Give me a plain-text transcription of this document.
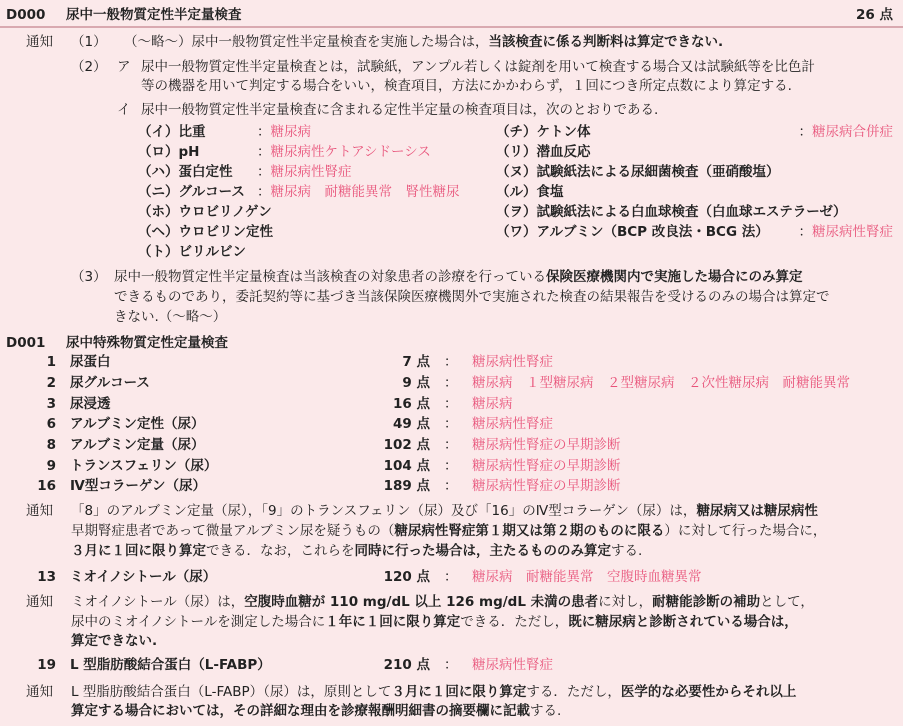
D000 尿中一般物質定性半定量検査	26 点
通知 （1） （〜略〜）尿中一般物質定性半定量検査を実施した場合は，当該検査に係る判断料は算定できない.
（2） ア 尿中一般物質定性半定量検査とは，試験紙，アンプル若しくは錠剤を用いて検査する場合又は試験紙等を比色計
等の機器を用いて判定する場合をいい，検査項目，方法にかかわらず，１回につき所定点数により算定する.
イ 尿中一般物質定性半定量検査に含まれる定性半定量の検査項目は，次のとおりである.
（イ）比重	：糖尿病
（ロ）pH	：糖尿病性ケトアシドーシス
（ハ）蛋白定性 ：糖尿病性腎症
（ニ）グルコース ：糖尿病　耐糖能異常　腎性糖尿
（ホ）ウロビリノゲン
（ヘ）ウロビリン定性
（ト）ビリルビン
（チ）ケトン体	：糖尿病合併症
（リ）潜血反応
（ヌ）試験紙法による尿細菌検査（亜硝酸塩）
（ル）食塩
（ヲ）試験紙法による白血球検査（白血球エステラーゼ）
（ワ）アルブミン（BCP 改良法・BCG 法） ：糖尿病性腎症
（3） 尿中一般物質定性半定量検査は当該検査の対象患者の診療を行っている保険医療機関内で実施した場合にのみ算定
できるものであり，委託契約等に基づき当該保険医療機関外で実施された検査の結果報告を受けるのみの場合は算定で
きない.（〜略〜）
D001 尿中特殊物質定性定量検査
1 尿蛋白	7 点 ： 糖尿病性腎症
2 尿グルコース	9 点 ： 糖尿病　１型糖尿病　２型糖尿病　２次性糖尿病　耐糖能異常
3 尿浸透	16 点 ： 糖尿病
6 アルブミン定性（尿）	49 点 ： 糖尿病性腎症
8 アルブミン定量（尿）	102 点 ： 糖尿病性腎症の早期診断
9 トランスフェリン（尿）	104 点 ： 糖尿病性腎症の早期診断
16 Ⅳ型コラーゲン（尿）	189 点 ： 糖尿病性腎症の早期診断
通知 「8」のアルブミン定量（尿），「9」のトランスフェリン（尿）及び「16」のⅣ型コラーゲン（尿）は，糖尿病又は糖尿病性
早期腎症患者であって微量アルブミン尿を疑うもの（糖尿病性腎症第１期又は第２期のものに限る）に対して行った場合に，
３月に１回に限り算定できる．なお，これらを同時に行った場合は，主たるもののみ算定する.
13 ミオイノシトール（尿）	120 点 ： 糖尿病　耐糖能異常　空腹時血糖異常
通知 ミオイノシトール（尿）は，空腹時血糖が 110 mg/dL 以上 126 mg/dL 未満の患者に対し，耐糖能診断の補助として，
尿中のミオイノシトールを測定した場合に１年に１回に限り算定できる．ただし，既に糖尿病と診断されている場合は，
算定できない.
19 L 型脂肪酸結合蛋白（L-FABP）	210 点 ： 糖尿病性腎症
通知 L 型脂肪酸結合蛋白（L-FABP）（尿）は，原則として３月に１回に限り算定する．ただし，医学的な必要性からそれ以上
算定する場合においては，その詳細な理由を診療報酬明細書の摘要欄に記載する.
